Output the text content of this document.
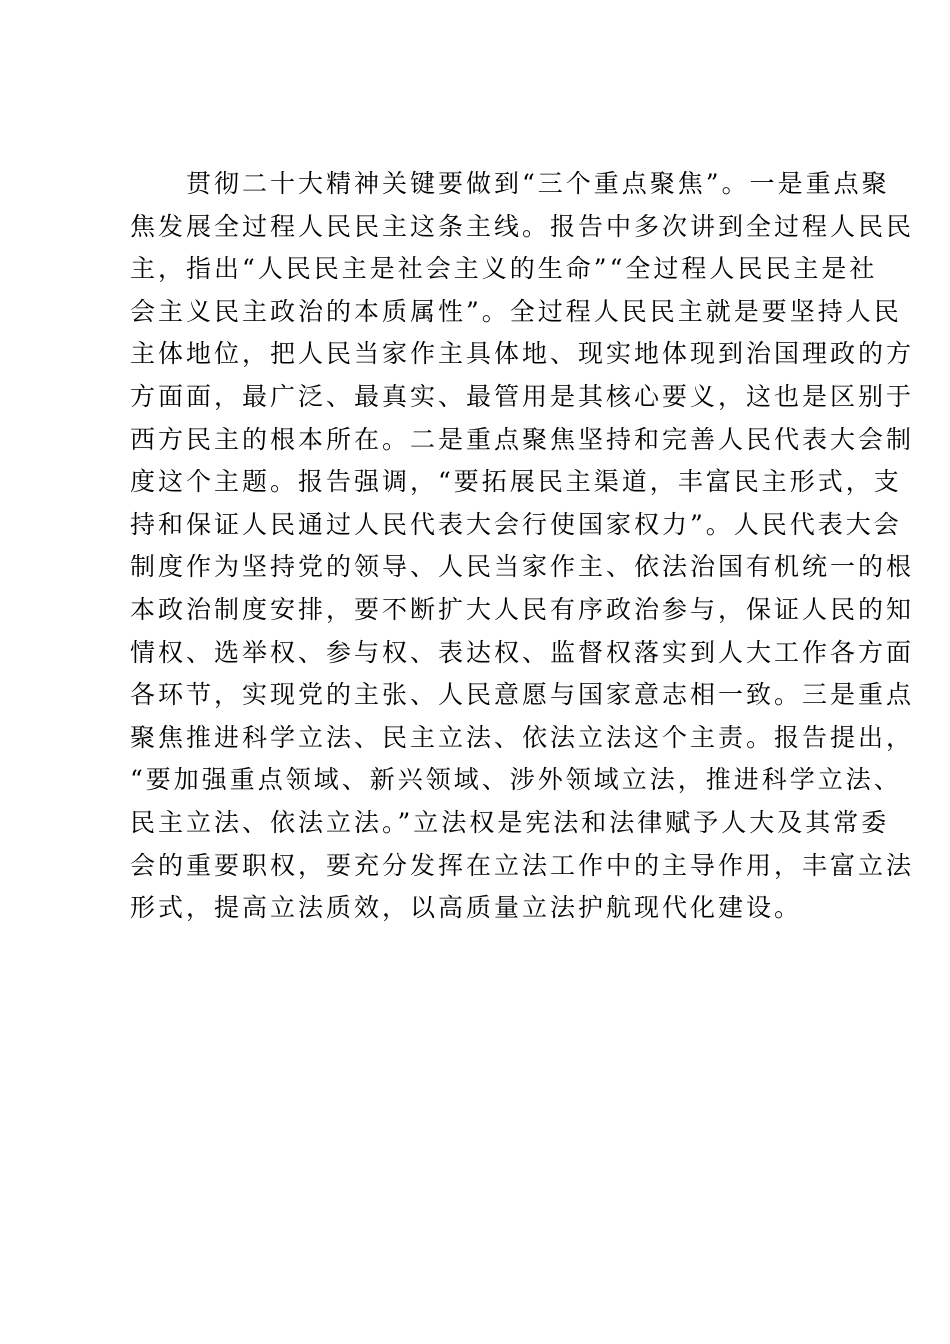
贯彻二十大精神关键要做到“三个重点聚焦”。一是重点聚
焦发展全过程人民民主这条主线。报告中多次讲到全过程人民民
主，指出“人民民主是社会主义的生命”“全过程人民民主是社
会主义民主政治的本质属性”。全过程人民民主就是要坚持人民
主体地位，把人民当家作主具体地、现实地体现到治国理政的方
方面面，最广泛、最真实、最管用是其核心要义，这也是区别于
西方民主的根本所在。二是重点聚焦坚持和完善人民代表大会制
度这个主题。报告强调，“要拓展民主渠道，丰富民主形式，支
持和保证人民通过人民代表大会行使国家权力”。人民代表大会
制度作为坚持党的领导、人民当家作主、依法治国有机统一的根
本政治制度安排，要不断扩大人民有序政治参与，保证人民的知
情权、选举权、参与权、表达权、监督权落实到人大工作各方面
各环节，实现党的主张、人民意愿与国家意志相一致。三是重点
聚焦推进科学立法、民主立法、依法立法这个主责。报告提出，
“要加强重点领域、新兴领域、涉外领域立法，推进科学立法、
民主立法、依法立法。”立法权是宪法和法律赋予人大及其常委
会的重要职权，要充分发挥在立法工作中的主导作用，丰富立法
形式，提高立法质效，以高质量立法护航现代化建设。
